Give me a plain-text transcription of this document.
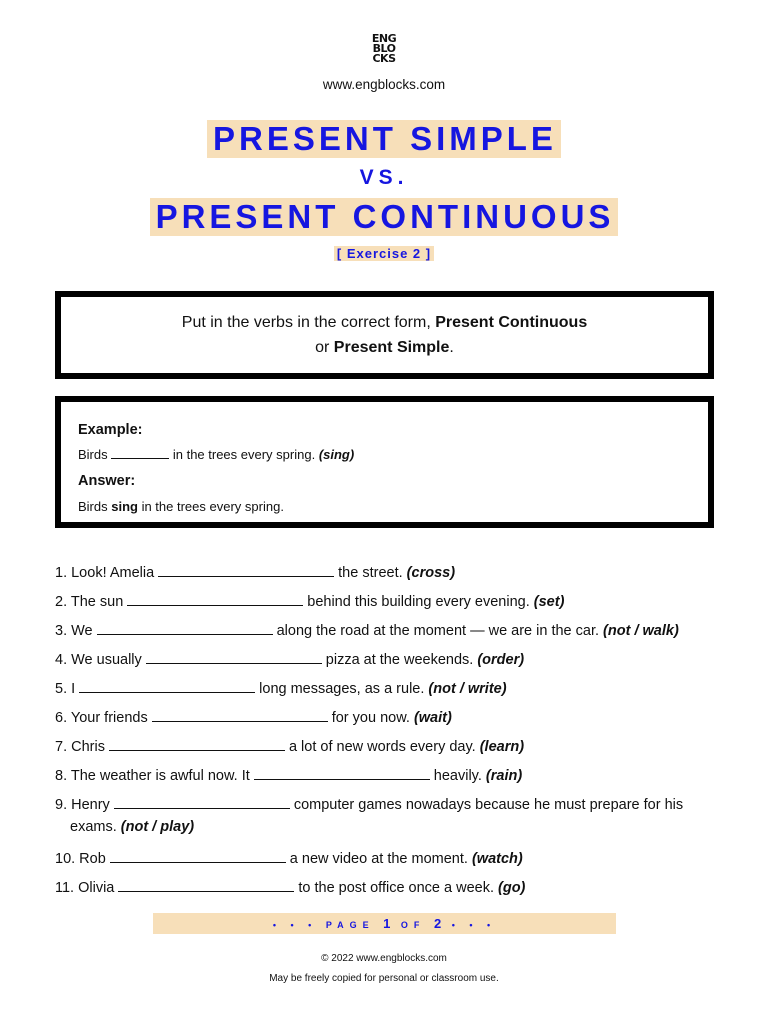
ENG
BLO
CKS
www.engblocks.com
PRESENT SIMPLE
VS.
PRESENT CONTINUOUS
[ Exercise 2 ]
Put in the verbs in the correct form, Present Continuous
or Present Simple.
Example:
Birds	in the trees every spring. (sing)
Answer:
Birds sing in the trees every spring.
1. Look! Amelia	the street. (cross)
2. The sun	behind this building every evening. (set)
3. We	along the road at the moment — we are in the car. (not / walk)
4. We usually	pizza at the weekends. (order)
5. I	long messages, as a rule. (not / write)
6. Your friends	for you now. (wait)
7. Chris	a lot of new words every day. (learn)
8. The weather is awful now. It	heavily. (rain)
9. Henry	computer games nowadays because he must prepare for his
exams. (not / play)
10. Rob	a new video at the moment. (watch)
11. Olivia	to the post office once a week. (go)
• • • PAGE 1 OF 2 • • •
© 2022 www.engblocks.com
May be freely copied for personal or classroom use.
